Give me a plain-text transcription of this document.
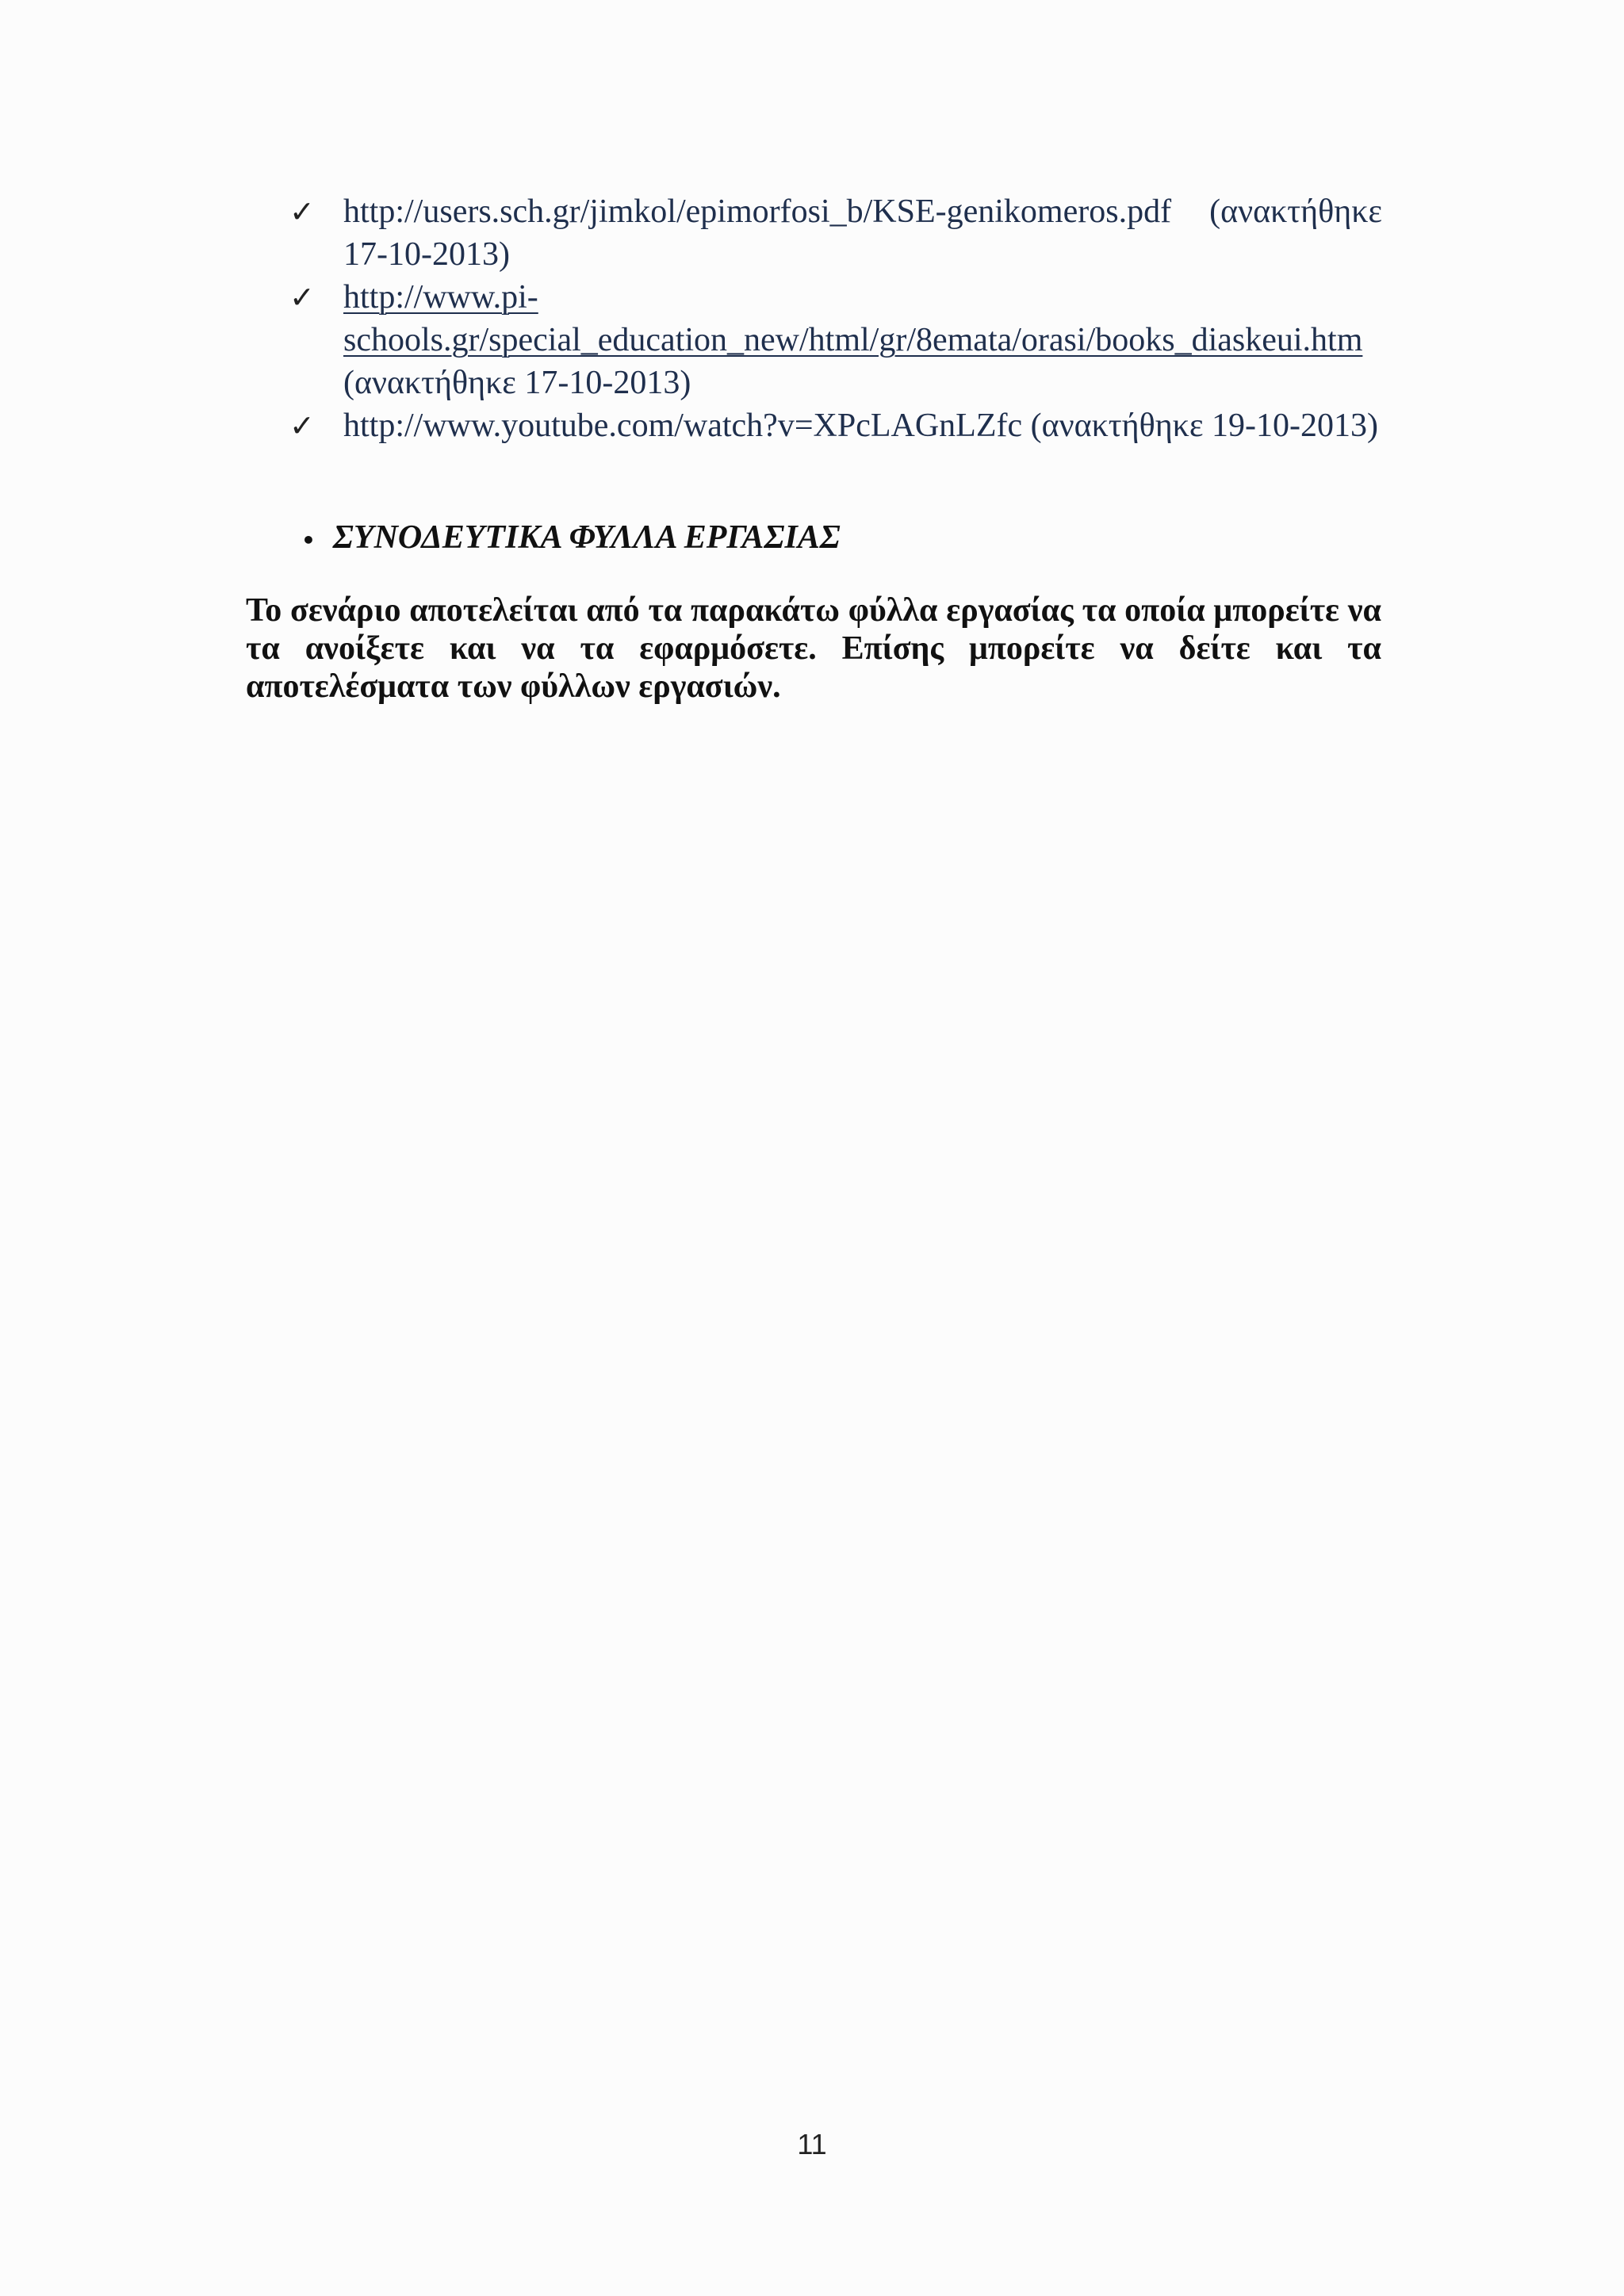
✓ http://users.sch.gr/jimkol/epimorfosi_b/KSE-genikomeros.pdf (ανακτήθηκε
17-10-2013)
✓ http://www.pi-
schools.gr/special_education_new/html/gr/8emata/orasi/books_diaskeui.htm
(ανακτήθηκε 17-10-2013)
✓ http://www.youtube.com/watch?v=XPcLAGnLZfc (ανακτήθηκε 19-10-2013)
• ΣΥΝΟΔΕΥΤΙΚΑ ΦΥΛΛΑ ΕΡΓΑΣΙΑΣ
Το σενάριο αποτελείται από τα παρακάτω φύλλα εργασίας τα οποία μπορείτε να τα ανοίξετε και να τα εφαρμόσετε. Επίσης μπορείτε να δείτε και τα αποτελέσματα των φύλλων εργασιών.
11
